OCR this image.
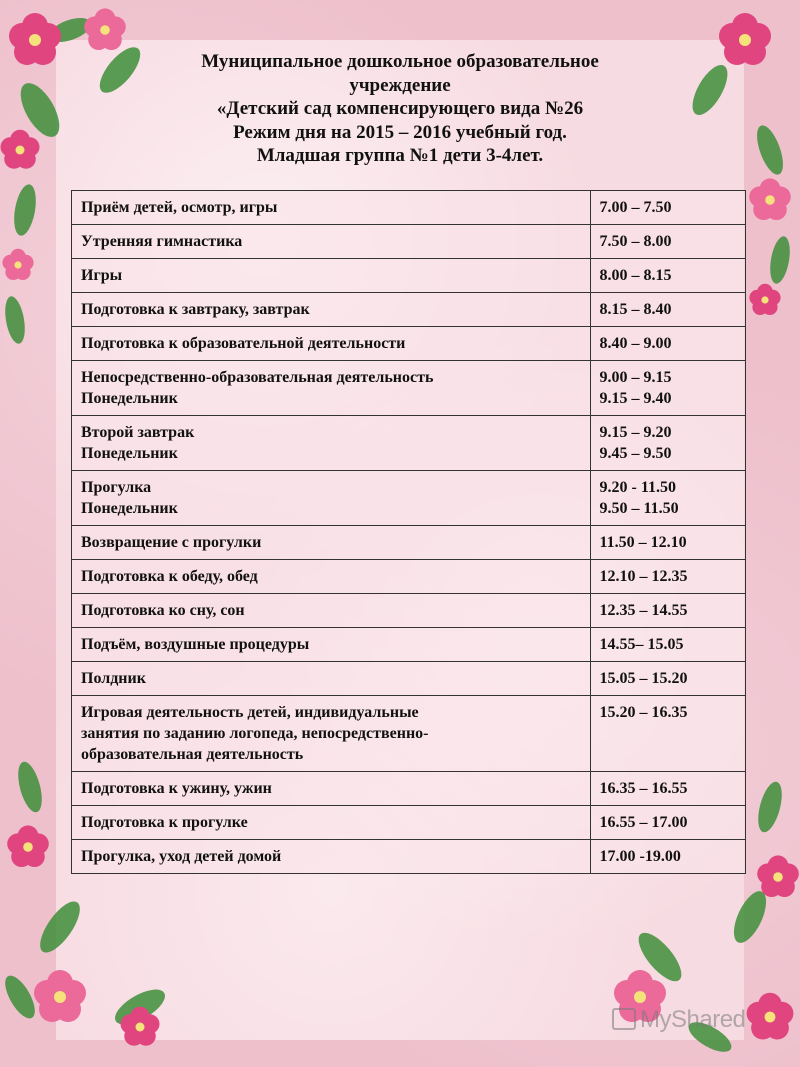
Муниципальное дошкольное образовательное
учреждение
«Детский сад компенсирующего вида №26
Режим дня на 2015 – 2016 учебный год.
Младшая группа №1 дети 3-4лет.
Приём детей, осмотр, игры	7.00 – 7.50

Утренняя гимнастика	7.50 – 8.00

Игры	8.00 – 8.15

Подготовка к завтраку, завтрак	8.15 – 8.40

Подготовка к образовательной деятельности	8.40 – 9.00

Непосредственно-образовательная деятельность
Понедельник	9.00 – 9.15
9.15 – 9.40

Второй завтрак
Понедельник	9.15 – 9.20
9.45 – 9.50

Прогулка
Понедельник	9.20 - 11.50
9.50 – 11.50

Возвращение с прогулки	11.50 – 12.10

Подготовка к обеду, обед	12.10 – 12.35

Подготовка ко сну, сон	12.35 – 14.55

Подъём, воздушные процедуры	14.55– 15.05

Полдник	15.05 – 15.20

Игровая деятельность детей, индивидуальные
занятия по заданию логопеда, непосредственно-
образовательная деятельность	15.20 – 16.35

Подготовка к ужину, ужин	16.35 – 16.55

Подготовка к прогулке	16.55 – 17.00

Прогулка, уход детей домой	17.00 -19.00
MyShared
